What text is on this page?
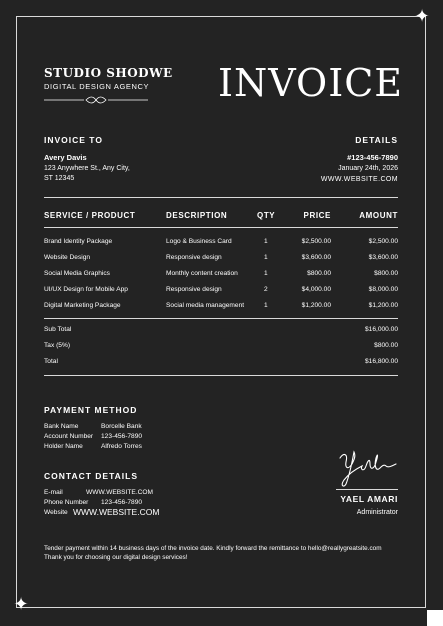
✦
✦
STUDIO SHODWE
DIGITAL DESIGN AGENCY INVOICE
INVOICE TO
Avery Davis
123 Anywhere St., Any City,
ST 12345
DETAILS
#123-456-7890
January 24th, 2026
WWW.WEBSITE.COM
SERVICE / PRODUCT	DESCRIPTION	QTY	PRICE	AMOUNT
Brand Identity Package	Logo & Business Card	1	$2,500.00	$2,500.00
Website Design	Responsive design	1	$3,600.00	$3,600.00
Social Media Graphics	Monthly content creation	1	$800.00	$800.00
UI/UX Design for Mobile App	Responsive design	2	$4,000.00	$8,000.00
Digital Marketing Package	Social media management	1	$1,200.00	$1,200.00
Sub Total	$16,000.00
Tax (5%)	$800.00
Total	$16,800.00
PAYMENT METHOD
Bank Name	Borcelle Bank
Account Number 123-456-7890
Holder Name	Alfredo Torres
CONTACT DETAILS
E-mail	WWW.WEBSITE.COM
Phone Number 123-456-7890
Website WWW.WEBSITE.COM
YAEL AMARI
Administrator
Tender payment within 14 business days of the invoice date. Kindly forward the remittance to hello@reallygreatsite.com
Thank you for choosing our digital design services!
